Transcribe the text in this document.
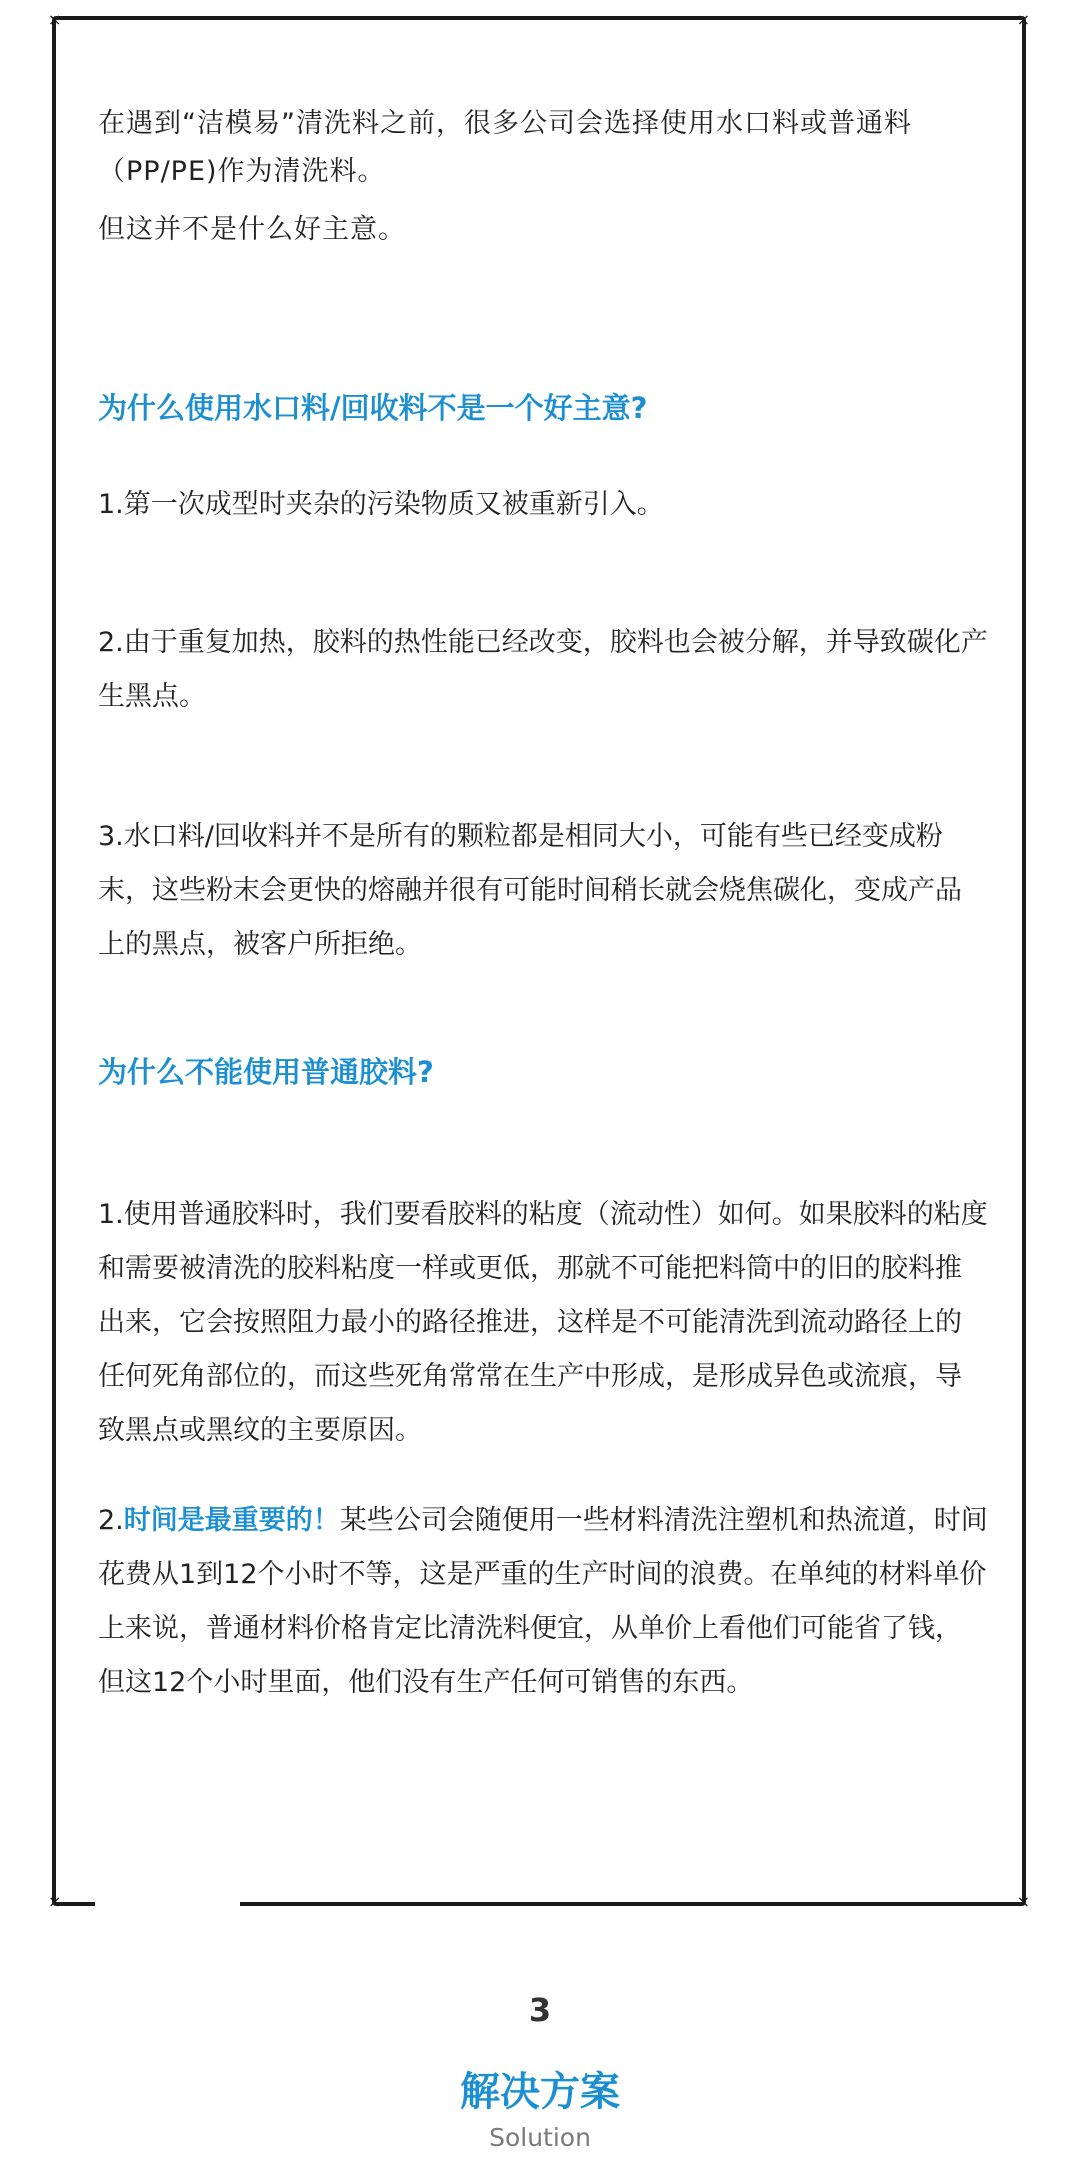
×	×
×	×

在遇到“洁模易”清洗料之前，很多公司会选择使用水口料或普通料（PP/PE)作为清洗料。

但这并不是什么好主意。

为什么使用水口料/回收料不是一个好主意?

1.第一次成型时夹杂的污染物质又被重新引入。

2.由于重复加热，胶料的热性能已经改变，胶料也会被分解，并导致碳化产生黑点。

3.水口料/回收料并不是所有的颗粒都是相同大小，可能有些已经变成粉末，这些粉末会更快的熔融并很有可能时间稍长就会烧焦碳化，变成产品上的黑点，被客户所拒绝。

为什么不能使用普通胶料?

1.使用普通胶料时，我们要看胶料的粘度（流动性）如何。如果胶料的粘度和需要被清洗的胶料粘度一样或更低，那就不可能把料筒中的旧的胶料推出来，它会按照阻力最小的路径推进，这样是不可能清洗到流动路径上的任何死角部位的，而这些死角常常在生产中形成，是形成异色或流痕，导致黑点或黑纹的主要原因。

2.时间是最重要的！某些公司会随便用一些材料清洗注塑机和热流道，时间花费从1到12个小时不等，这是严重的生产时间的浪费。在单纯的材料单价上来说，普通材料价格肯定比清洗料便宜，从单价上看他们可能省了钱，但这12个小时里面，他们没有生产任何可销售的东西。

3

解决方案

Solution
